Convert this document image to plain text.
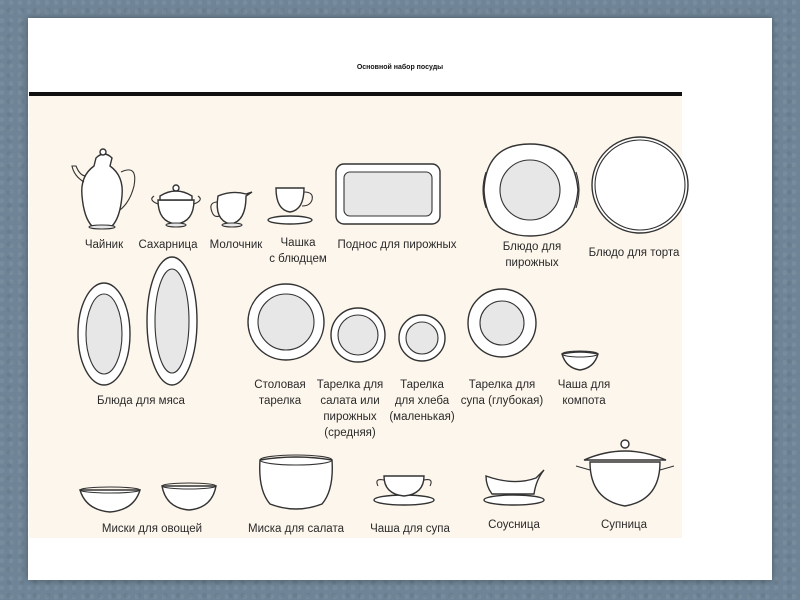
Основной набор посуды
Чайник Сахарница Молочник Чашка
с блюдцем
Поднос для пирожных	Блюдо для
пирожных
Блюдо для торта
Блюда для мяса
Столовая
тарелка
Тарелка для
салата или
пирожных
(средняя)
Тарелка
для хлеба
(маленькая)
Тарелка для
супа (глубокая)
Чаша для
компота
Миски для овощей	Миска для салата Чаша для супа	Соусница	Супница
